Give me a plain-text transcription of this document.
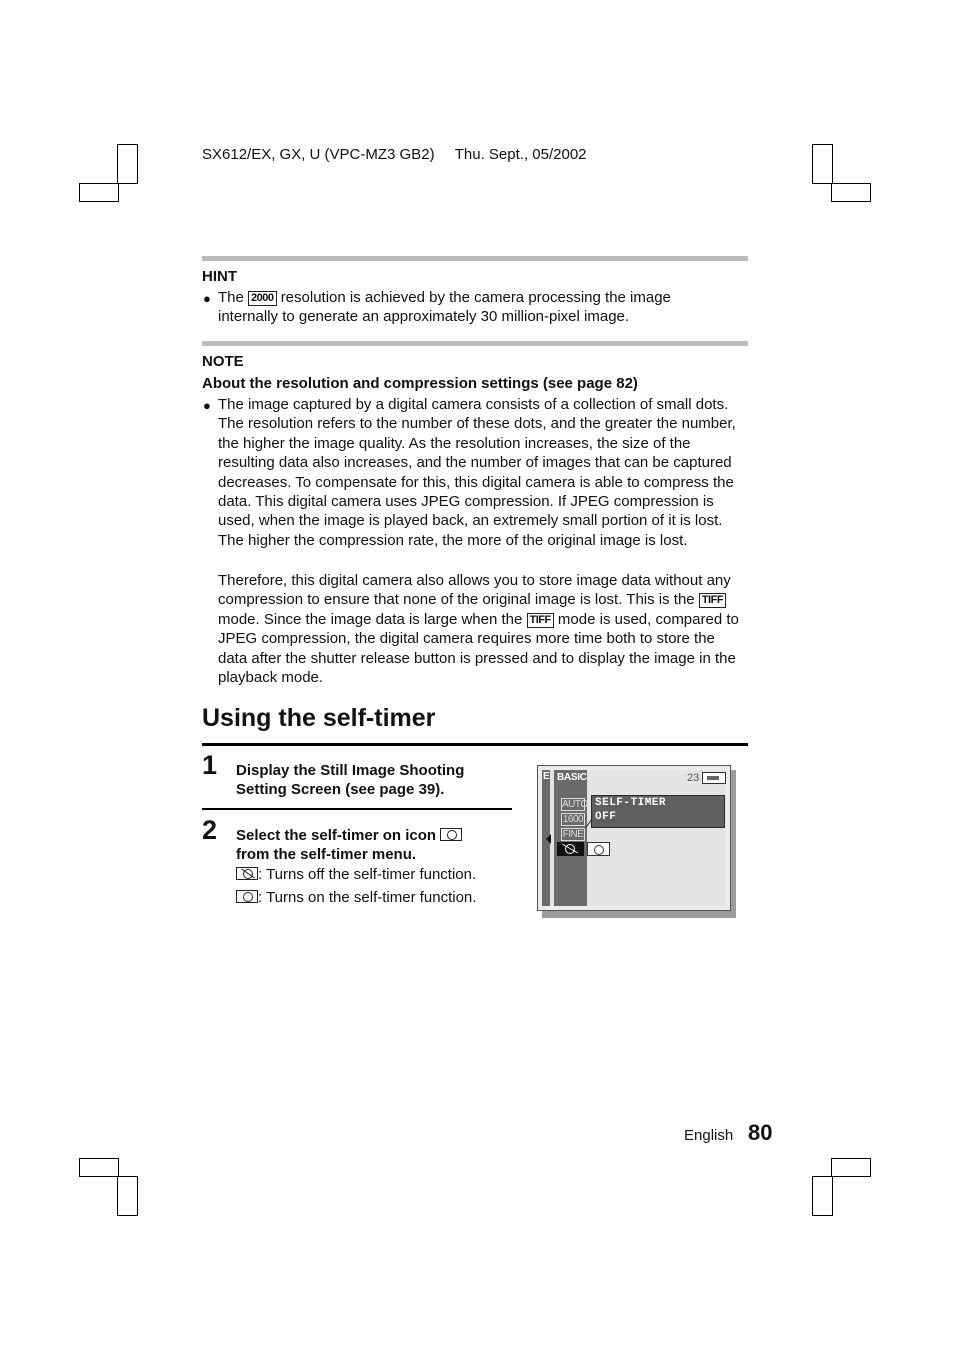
SX612/EX, GX, U (VPC-MZ3 GB2) Thu. Sept., 05/2002
HINT
● The 2000 resolution is achieved by the camera processing the image
internally to generate an approximately 30 million-pixel image.
NOTE
About the resolution and compression settings (see page 82)
● The image captured by a digital camera consists of a collection of small dots. The resolution refers to the number of these dots, and the greater the number, the higher the image quality. As the resolution increases, the size of the resulting data also increases, and the number of images that can be captured decreases. To compensate for this, this digital camera is able to compress the data. This digital camera uses JPEG compression. If JPEG compression is used, when the image is played back, an extremely small portion of it is lost. The higher the compression rate, the more of the original image is lost.
Therefore, this digital camera also allows you to store image data without any compression to ensure that none of the original image is lost. This is the TIFF mode. Since the image data is large when the TIFF mode is used, compared to JPEG compression, the digital camera requires more time both to store the data after the shutter release button is pressed and to display the image in the playback mode.
Using the self-timer
1 Display the Still Image Shooting Setting Screen (see page 39).
2 Select the self-timer on icon
from the self-timer menu.
: Turns off the self-timer function.
: Turns on the self-timer function.
E BASIC	23
AUTO
1600
FINE
SELF-TIMER
OFF
English 80
